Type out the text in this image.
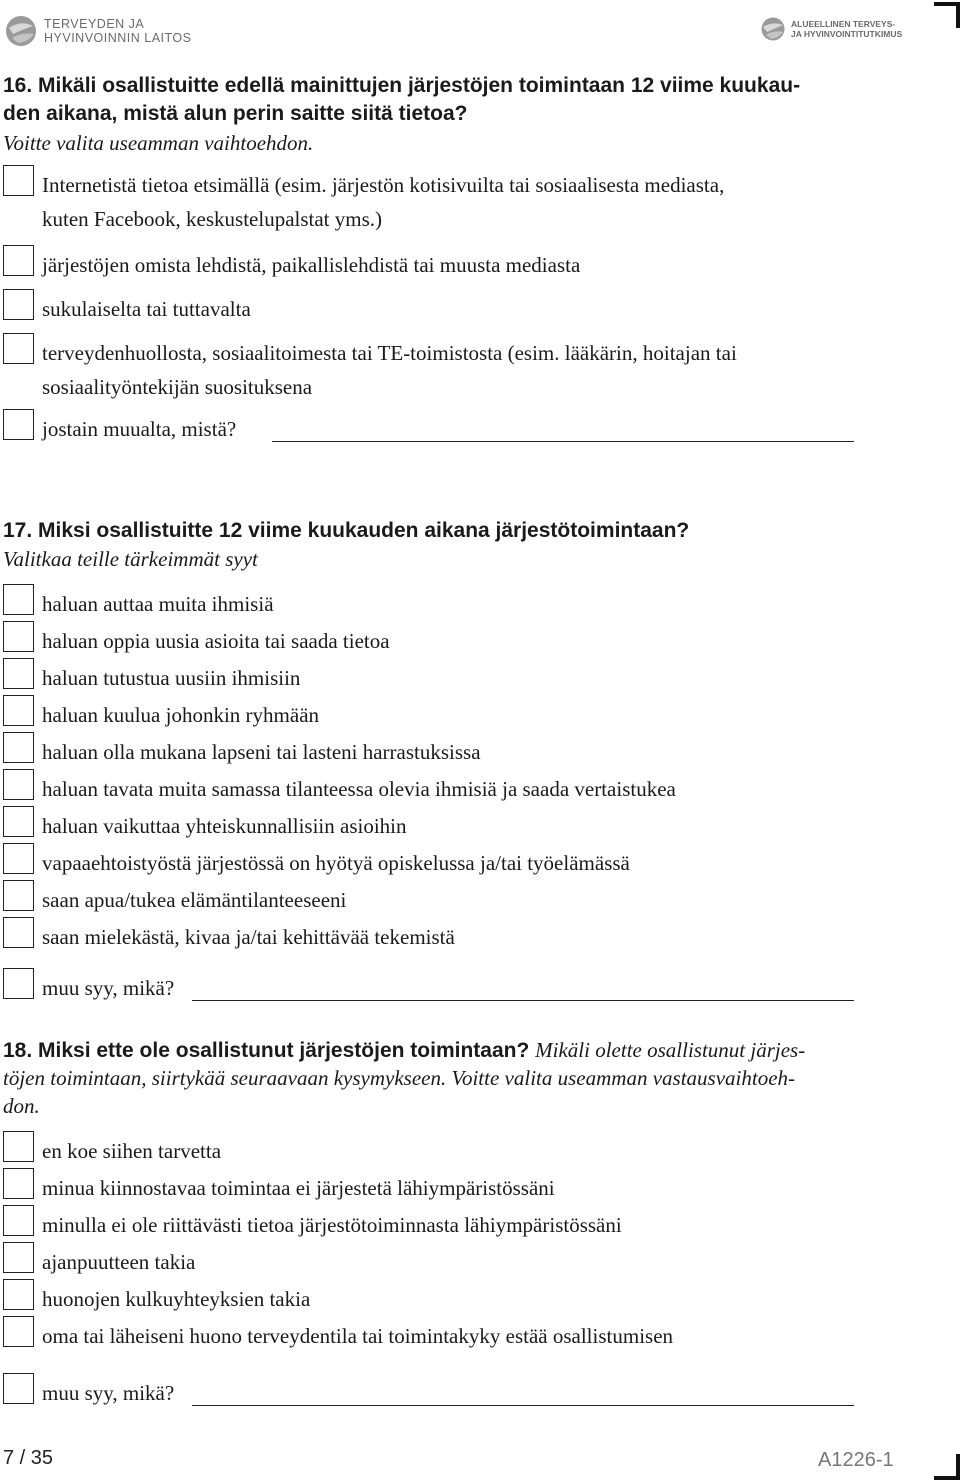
TERVEYDEN JA
HYVINVOINNIN LAITOS
ALUEELLINEN TERVEYS-
JA HYVINVOINTITUTKIMUS
16. Mikäli osallistuitte edellä mainittujen järjestöjen toimintaan 12 viime kuukau-
den aikana, mistä alun perin saitte siitä tietoa?
Voitte valita useamman vaihtoehdon.
Internetistä tietoa etsimällä (esim. järjestön kotisivuilta tai sosiaalisesta mediasta,
kuten Facebook, keskustelupalstat yms.)
järjestöjen omista lehdistä, paikallislehdistä tai muusta mediasta
sukulaiselta tai tuttavalta
terveydenhuollosta, sosiaalitoimesta tai TE-toimistosta (esim. lääkärin, hoitajan tai
sosiaalityöntekijän suosituksena
jostain muualta, mistä?
17. Miksi osallistuitte 12 viime kuukauden aikana järjestötoimintaan?
Valitkaa teille tärkeimmät syyt
haluan auttaa muita ihmisiä
haluan oppia uusia asioita tai saada tietoa
haluan tutustua uusiin ihmisiin
haluan kuulua johonkin ryhmään
haluan olla mukana lapseni tai lasteni harrastuksissa
haluan tavata muita samassa tilanteessa olevia ihmisiä ja saada vertaistukea
haluan vaikuttaa yhteiskunnallisiin asioihin
vapaaehtoistyöstä järjestössä on hyötyä opiskelussa ja/tai työelämässä
saan apua/tukea elämäntilanteeseeni
saan mielekästä, kivaa ja/tai kehittävää tekemistä
muu syy, mikä?
18. Miksi ette ole osallistunut järjestöjen toimintaan? Mikäli olette osallistunut järjes-
töjen toimintaan, siirtykää seuraavaan kysymykseen. Voitte valita useamman vastausvaihtoeh-
don.
en koe siihen tarvetta
minua kiinnostavaa toimintaa ei järjestetä lähiympäristössäni
minulla ei ole riittävästi tietoa järjestötoiminnasta lähiympäristössäni
ajanpuutteen takia
huonojen kulkuyhteyksien takia
oma tai läheiseni huono terveydentila tai toimintakyky estää osallistumisen
muu syy, mikä?
7 / 35	A1226-1
